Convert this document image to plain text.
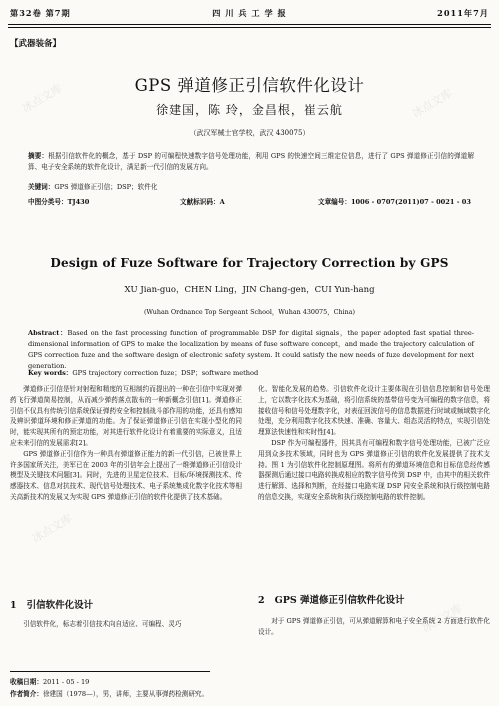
冰点文库	冰点文库
冰点文库
冰点文库
第32卷 第7期	四 川 兵 工 学 报	2011年7月
【武器装备】
GPS 弹道修正引信软件化设计
徐建国，陈 玲，金昌根，崔云航
（武汉军械士官学校，武汉 430075）
摘要：根据引信软件化的概念，基于 DSP 的可编程快速数字信号处理功能，利用 GPS 的快速空间三维定位信息，进行了 GPS 弹道修正引信的弹道解算、电子安全系统的软件化设计，满足新一代引信的发展方向。
关键词：GPS 弹道修正引信；DSP；软件化
中图分类号：TJ430	文献标识码：A	文章编号：1006 - 0707(2011)07 - 0021 - 03
Design of Fuze Software for Trajectory Correction by GPS
XU Jian-guo，CHEN Ling，JIN Chang-gen，CUI Yun-hang
(Wuhan Ordnance Top Sergeant School，Wuhan 430075，China)
Abstract：Based on the fast processing function of programmable DSP for digital signals，the paper adopted fast spatial three-dimensional information of GPS to make the localization by means of fuse software concept，and made the trajectory calculation of GPS correction fuze and the software design of electronic safety system. It could satisfy the new needs of fuze development for next generation.
Key words：GPS trajectory correction fuze；DSP；software method
弹道修正引信是针对射程和精度的互相制约而提出的一种在引信中实现对弹药飞行弹道简易控制，从而减少弹药落点散布的一种新概念引信[1]。弹道修正引信不仅具有传统引信系统保证弹药安全和控制战斗部作用的功能，还具有感知及辨识弹道环境和修正弹道的功能。为了保证弹道修正引信在实现小型化的同时，能实现其所有的预定功能，对其进行软件化设计有着重要的实际意义，且适应未来引信的发展需求[2]。
GPS 弹道修正引信作为一种具有弹道修正能力的新一代引信，已被世界上许多国家所关注，美军已在 2003 年的引信年会上提出了一维弹道修正引信设计模型及关键技术问题[3]。同时，先进的卫星定位技术、目标/环境探测技术、传感器技术、信息对抗技术、现代信号处理技术、电子系统集成化数字化技术等相关高新技术的发展又为实现 GPS 弹道修正引信的软件化提供了技术基础。
1 引信软件化设计
引信软件化，标志着引信技术向自适应、可编程、灵巧
化、智能化发展的趋势。引信软件化设计主要体现在引信信息控制和信号处理上，它以数字化技术为基础，将引信系统的基带信号变为可编程的数字信息，将接收信号和信号处理数字化，对表征回波信号的信息数据进行时域或频域数字化处理，充分利用数字化技术快速、准确、容量大、组态灵活的特点，实现引信处理算法快速性和实时性[4]。
DSP 作为可编程器件，因其具有可编程和数字信号处理功能，已被广泛应用到众多技术领域，同时也为 GPS 弹道修正引信的软件化发展提供了技术支持。图 1 为引信软件化控制原理图。将所有的弹道环境信息和目标信息经传感器探测后通过接口电路转换成相应的数字信号传到 DSP 中，由其中的相关软件进行解算、选择和判断，在经接口电路实现 DSP 同安全系统和执行级控制电路的信息交换，实现安全系统和执行级控制电路的软件控制。
2 GPS 弹道修正引信软件化设计
对于 GPS 弹道修正引信，可从弹道解算和电子安全系统 2 方面进行软件化设计。
收稿日期：2011 - 05 - 19
作者简介：徐建国（1978—），男，讲师，主要从事弹药检测研究。
